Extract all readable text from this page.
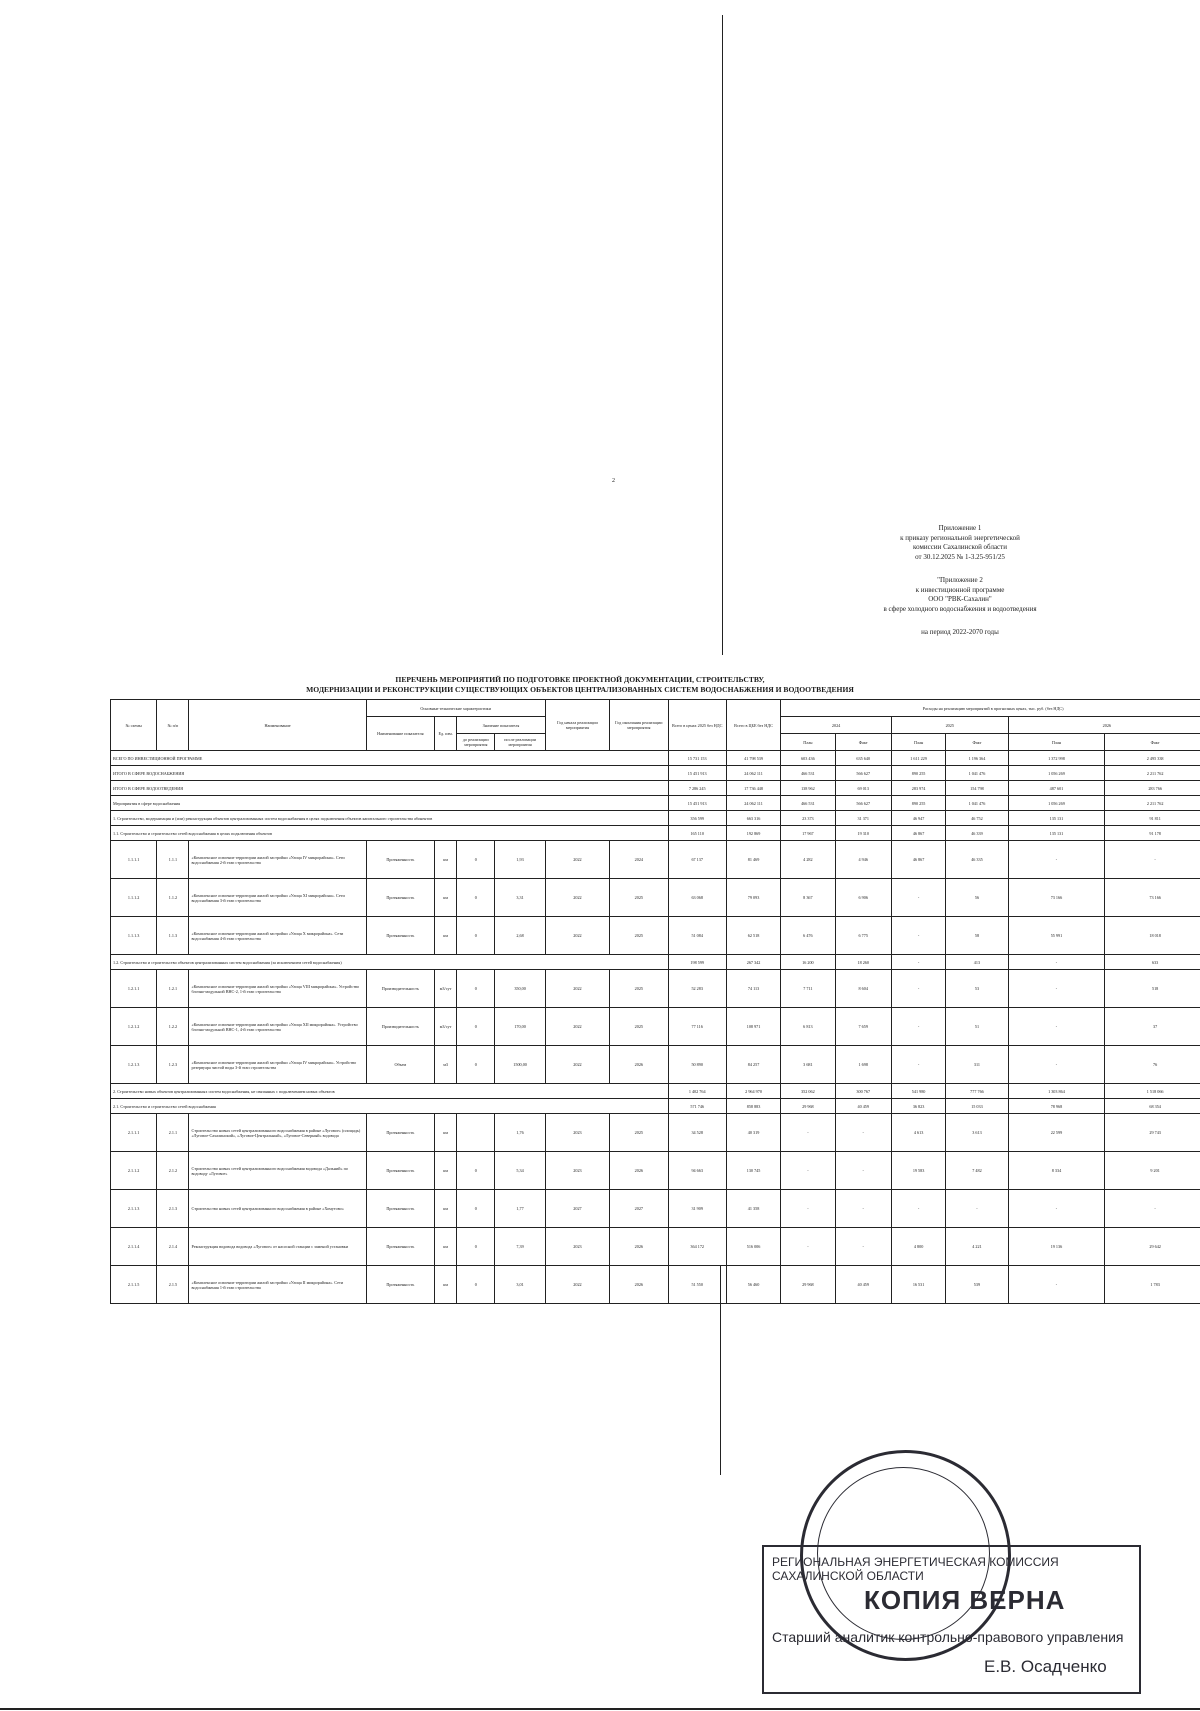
2
Приложение 1
к приказу региональной энергетической
комиссии Сахалинской области
от 30.12.2025 № 1-3.25-951/25
"Приложение 2
к инвестиционной программе
ООО "РВК-Сахалин"
в сфере холодного водоснабжения и водоотведения
на период 2022-2070 годы
ПЕРЕЧЕНЬ МЕРОПРИЯТИЙ ПО ПОДГОТОВКЕ ПРОЕКТНОЙ ДОКУМЕНТАЦИИ, СТРОИТЕЛЬСТВУ,
МОДЕРНИЗАЦИИ И РЕКОНСТРУКЦИИ СУЩЕСТВУЮЩИХ ОБЪЕКТОВ ЦЕНТРАЛИЗОВАННЫХ СИСТЕМ ВОДОСНАБЖЕНИЯ И ВОДООТВЕДЕНИЯ
№ схемы	№ п/п	Наименование	Основные технические характеристики				Год начала реализации мероприятия	Год окончания реализации мероприятия	Всего в ценах 2025 без НДС	Всего в ЦБЕ без НДС	Расходы на реализацию мероприятий в прогнозных ценах, тыс. руб. (без НДС)					
			Наименование показателя	Ед. изм.	Значение показателя						2024		2025		2026	
					до реализации мероприятия	после реализации мероприятия					План	Факт	План	Факт	План	Факт

ВСЕГО ПО ИНВЕСТИЦИОННОЙ ПРОГРАММЕ									15 731 153	41 798 539	603 436	635 640	1 611 229	1 196 364	1 372 998	2 495 338
ИТОГО В СФЕРЕ ВОДОСНАБЖЕНИЯ									15 451 913	24 062 111	466 531	566 627	890 255	1 041 476	1 056 269	2 211 762
ИТОГО В СФЕРЕ ВОДООТВЕДЕНИЯ									7 286 245	17 736 448	138 962	69 013	283 974	154 798	487 601	283 766
Мероприятия в сфере водоснабжения									15 451 913	24 062 111	466 531	566 627	890 255	1 041 476	1 056 269	2 211 762
1. Строительство, модернизация и (или) реконструкция объектов централизованных систем водоснабжения в целях подключения объектов капитального строительства абонентов									356 599	663 316	23 373	31 371	46 947	46 752	135 131	91 811
1.1. Строительство и строительство сетей водоснабжения в целях подключения объектов									165 110	192 869	17 967	19 310	46 867	46 339	135 131	91 178
1.1.1.1	1.1.1	«Комплексное освоение территории жилой застройки «Улица IV микрорайона». Сети водоснабжения 2-й этап строительства	Протяженность	км	0	1,93	2022	2024	67 137	81 469	4 282	4 946	46 867	46 335	-	-
1.1.1.2	1.1.2	«Комплексное освоение территории жилой застройки «Улица XI микрорайона». Сети водоснабжения 3-й этап строительства	Протяженность	км	0	3,31	2022	2025	63 068	79 093	8 367	6 906	-	56	73 166	73 166
1.1.1.3	1.1.3	«Комплексное освоение территории жилой застройки «Улица X микрорайона». Сети водоснабжения 4-й этап строительства	Протяженность	км	0	2,68	2022	2025	51 084	62 518	6 476	6 775	-	58	55 991	18 018
1.2. Строительство и строительство объектов централизованных систем водоснабжения (за исключением сетей водоснабжения)									198 599	267 342	16 200	18 260	-	413	-	633
1.2.1.1	1.2.1	«Комплексное освоение территории жилой застройки «Улица VIII микрорайона». Устройство блочно-модульной ВНС-2, 1-й этап строительства	Производительность	м3/сут	0	350,00	2022	2025	52 283	74 113	7 711	8 604	-	53	-	518
1.2.1.2	1.2.2	«Комплексное освоение территории жилой застройки «Улица XII микрорайона». Устройство блочно-модульной ВНС-1, 4-й этап строительства	Производительность	м3/сут	0	170,00	2022	2025	77 116	108 971	6 813	7 659	-	51	-	37
1.2.1.3	1.2.3	«Комплексное освоение территории жилой застройки «Улица IV микрорайона». Устройство резервуара чистой воды 3-й этап строительства	Объем	м3	0	1500,00	2022	2026	50 890	84 257	3 681	1 698	-	311	-	76
2. Строительство новых объектов централизованных систем водоснабжения, не связанных с подключением новых объектов									1 402 764	2 964 970	352 062	300 767	541 980	777 766	1 303 864	1 518 066
2.1. Строительство и строительство сетей водоснабжения									571 746	858 883	29 968	40 459	36 823	15 033	78 968	68 354
2.1.1.1	2.1.1	Строительство новых сетей централизованного водоснабжения в районе «Луговое» (площадь) «Луговое-Сахалинский», «Луговое-Центральный», «Луговое-Северный» водовода	Протяженность	км		1,76	2023	2025	34 528	40 319	-	-	4 613	3 613	22 599	29 743
2.1.1.2	2.1.2	Строительство новых сетей централизованного водоснабжения водовода «Дальний» по водоводу «Луговое»	Протяженность	км	0	5,34	2023	2026	94 663	130 745	-	-	19 583	7 482	8 334	9 201
2.1.1.3	2.1.3	Строительство новых сетей централизованного водоснабжения в районе «Хомутово»	Протяженность	км	0	1,77	2027	2027	31 909	41 358	-	-	-	-	-	-
2.1.1.4	2.1.4	Реконструкция водовода водовода «Луговое» от насосной станции с заменой установки	Протяженность	км	0	7,39	2023	2026	364 172	516 006	-	-	4 800	4 221	19 136	29 642
2.1.1.5	2.1.5	«Комплексное освоение территории жилой застройки «Улица II микрорайона». Сети водоснабжения 1-й этап строительства	Протяженность	км	0	3,01	2022	2026	51 550	56 460	29 968	40 459	16 531	539	-	1 783
РЕГИОНАЛЬНАЯ ЭНЕРГЕТИЧЕСКАЯ КОМИССИЯ САХАЛИНСКОЙ ОБЛАСТИ
КОПИЯ ВЕРНА
Старший аналитик контрольно-правового управления
Е.В. Осадченко
